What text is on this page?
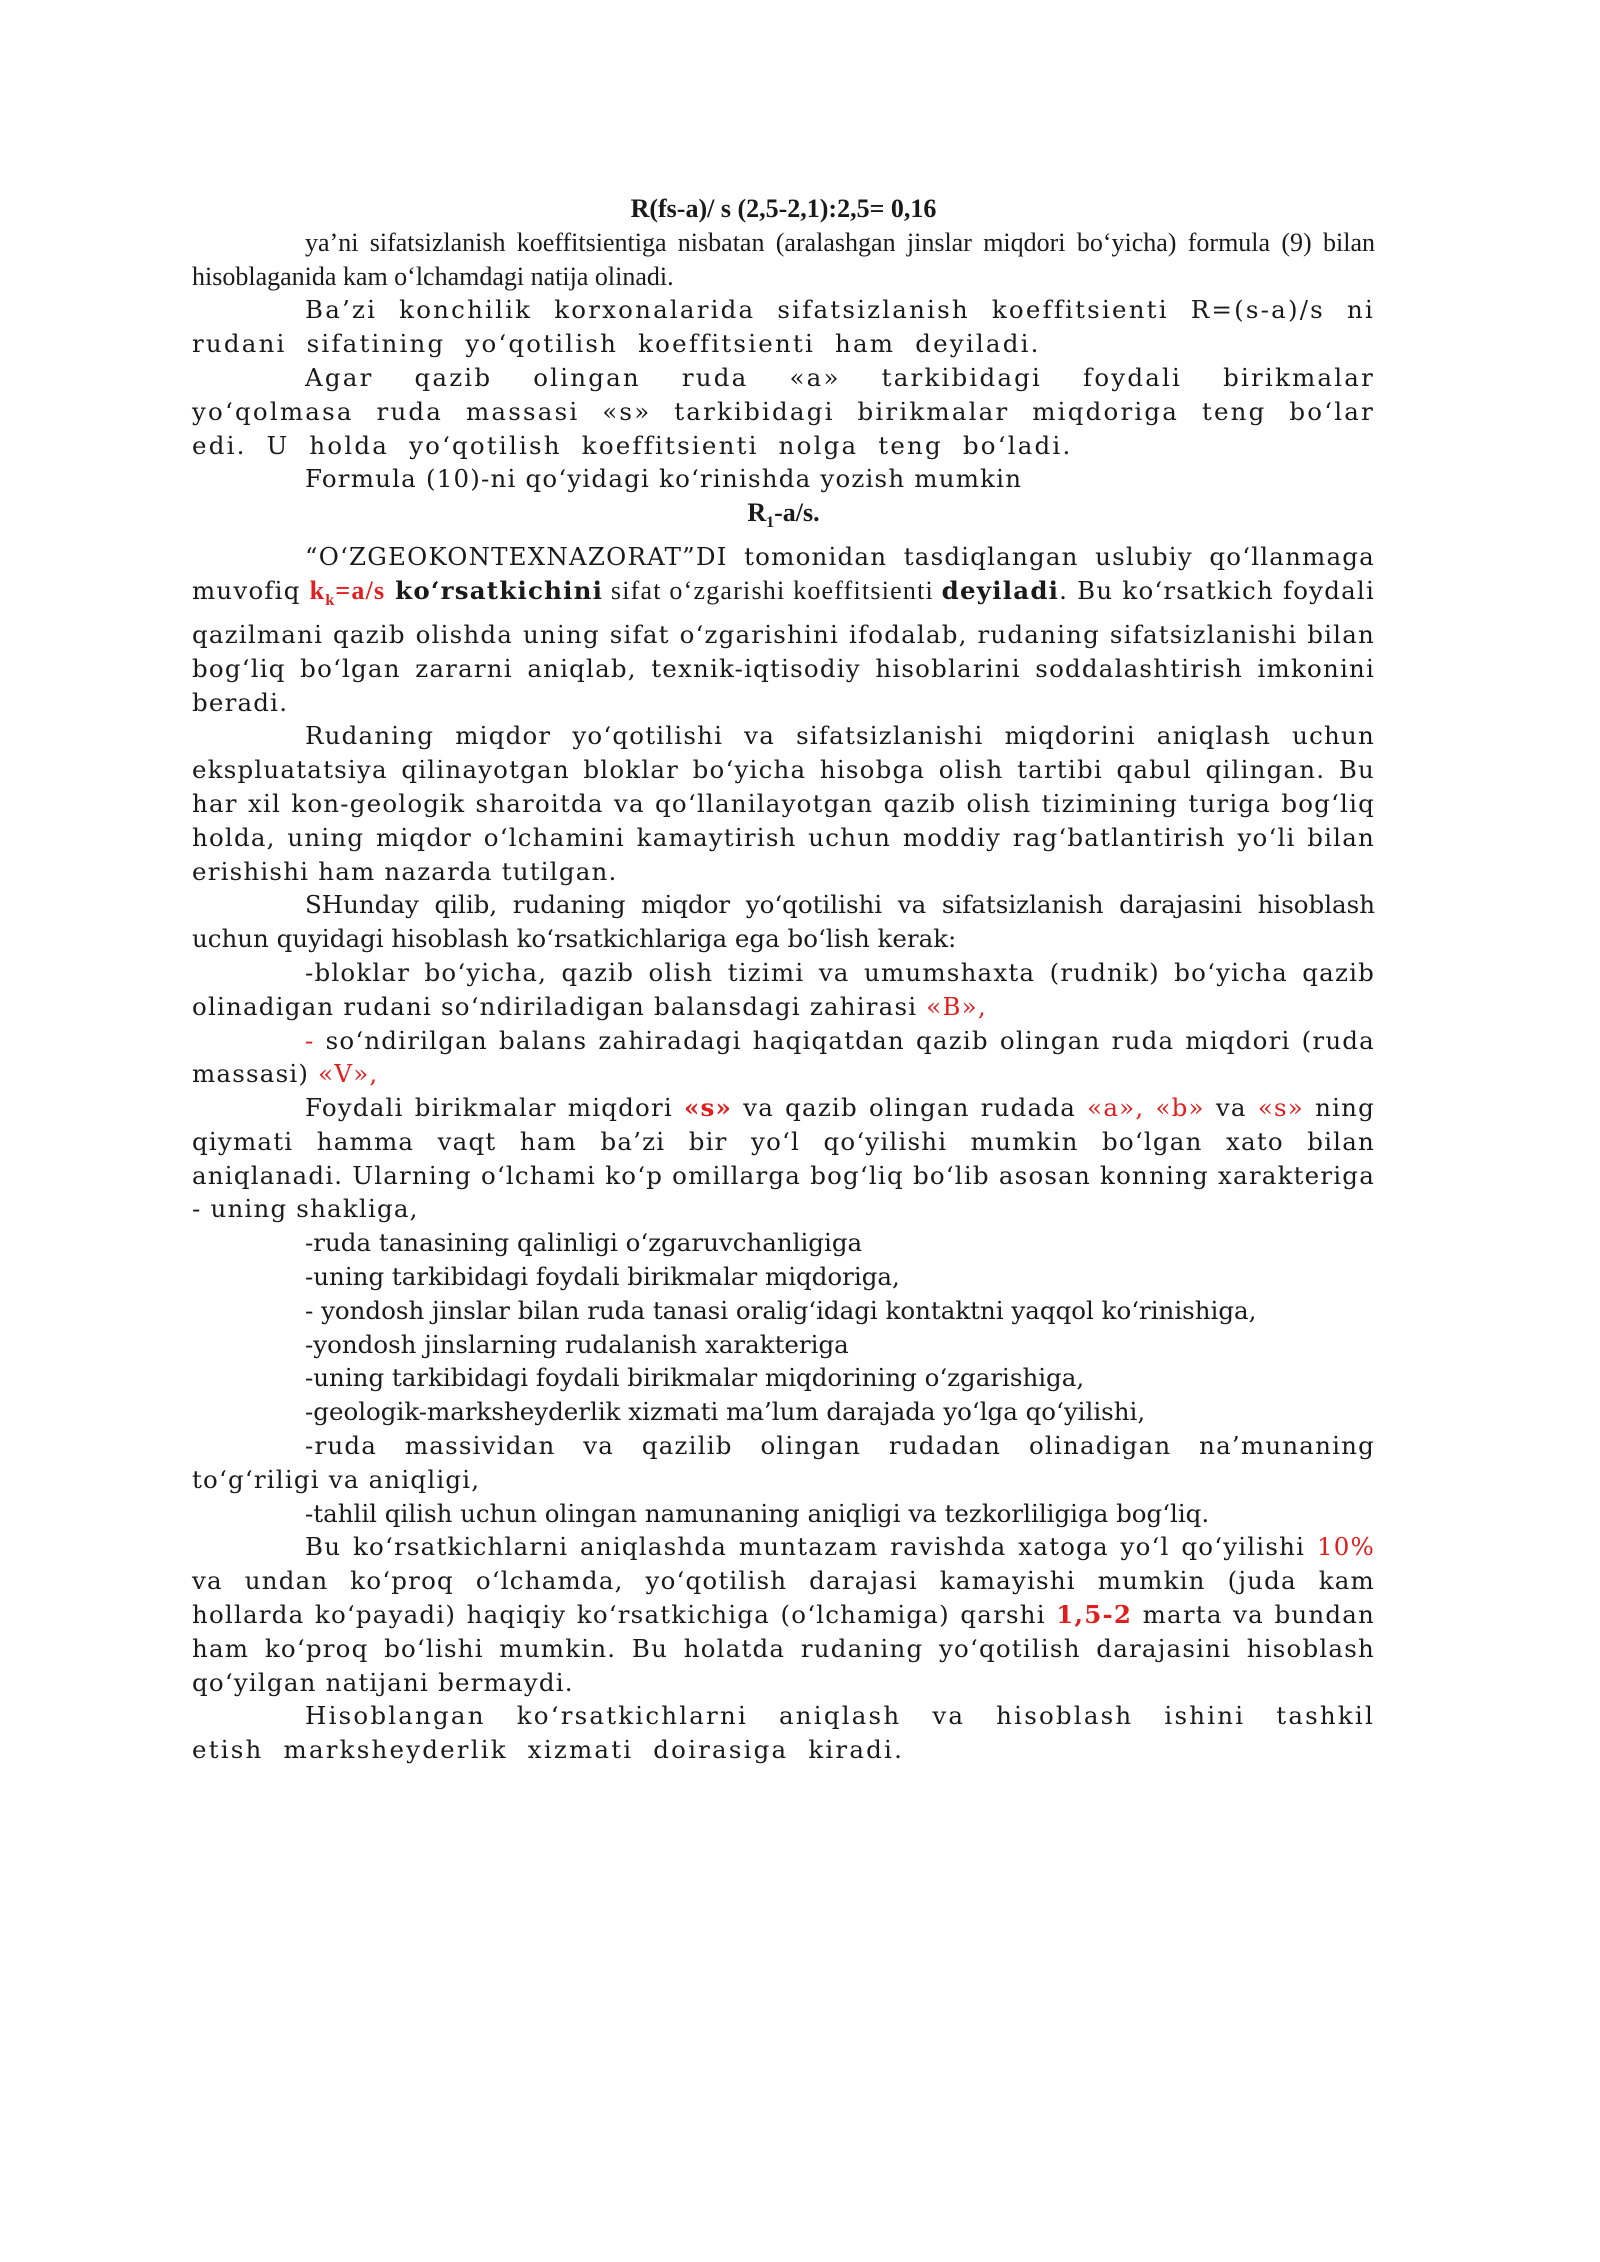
R(fs-a)/ s (2,5-2,1):2,5= 0,16
ya’ni sifatsizlanish koeffitsientiga nisbatan (aralashgan jinslar miqdori bo‘yicha) formula (9) bilan hisoblaganida kam o‘lchamdagi natija olinadi.
Ba’zi konchilik korxonalarida sifatsizlanish koeffitsienti R=(s-a)/s ni rudani sifatining yo‘qotilish koeffitsienti ham deyiladi.
Agar qazib olingan ruda «a» tarkibidagi foydali birikmalar yo‘qolmasa ruda massasi «s» tarkibidagi birikmalar miqdoriga teng bo‘lar edi. U holda yo‘qotilish koeffitsienti nolga teng bo‘ladi.
Formula (10)-ni qo‘yidagi ko‘rinishda yozish mumkin
$R_1-a/s$.
“O‘ZGEOKONTEXNAZORAT”DI tomonidan tasdiqlangan uslubiy qo‘llanmaga muvofiq $k_k=a/s$ ko‘rsatkichini sifat o‘zgarishi koeffitsienti deyiladi. Bu ko‘rsatkich foydali qazilmani qazib olishda uning sifat o‘zgarishini ifodalab, rudaning sifatsizlanishi bilan bog‘liq bo‘lgan zararni aniqlab, texnik-iqtisodiy hisoblarini soddalashtirish imkonini beradi.
Rudaning miqdor yo‘qotilishi va sifatsizlanishi miqdorini aniqlash uchun ekspluatatsiya qilinayotgan bloklar bo‘yicha hisobga olish tartibi qabul qilingan. Bu har xil kon-geologik sharoitda va qo‘llanilayotgan qazib olish tizimining turiga bog‘liq holda, uning miqdor o‘lchamini kamaytirish uchun moddiy rag‘batlantirish yo‘li bilan erishishi ham nazarda tutilgan.
SHunday qilib, rudaning miqdor yo‘qotilishi va sifatsizlanish darajasini hisoblash uchun quyidagi hisoblash ko‘rsatkichlariga ega bo‘lish kerak:
-bloklar bo‘yicha, qazib olish tizimi va umumshaxta (rudnik) bo‘yicha qazib olinadigan rudani so‘ndiriladigan balansdagi zahirasi «B»,
- so‘ndirilgan balans zahiradagi haqiqatdan qazib olingan ruda miqdori (ruda massasi) «V»,
Foydali birikmalar miqdori «s» va qazib olingan rudada «a», «b» va «s» ning qiymati hamma vaqt ham ba’zi bir yo‘l qo‘yilishi mumkin bo‘lgan xato bilan aniqlanadi. Ularning o‘lchami ko‘p omillarga bog‘liq bo‘lib asosan konning xarakteriga - uning shakliga,
-ruda tanasining qalinligi o‘zgaruvchanligiga
-uning tarkibidagi foydali birikmalar miqdoriga,
- yondosh jinslar bilan ruda tanasi oralig‘idagi kontaktni yaqqol ko‘rinishiga,
-yondosh jinslarning rudalanish xarakteriga
-uning tarkibidagi foydali birikmalar miqdorining o‘zgarishiga,
-geologik-marksheyderlik xizmati ma’lum darajada yo‘lga qo‘yilishi,
-ruda massividan va qazilib olingan rudadan olinadigan na’munaning to‘g‘riligi va aniqligi,
-tahlil qilish uchun olingan namunaning aniqligi va tezkorliligiga bog‘liq.
Bu ko‘rsatkichlarni aniqlashda muntazam ravishda xatoga yo‘l qo‘yilishi 10% va undan ko‘proq o‘lchamda, yo‘qotilish darajasi kamayishi mumkin (juda kam hollarda ko‘payadi) haqiqiy ko‘rsatkichiga (o‘lchamiga) qarshi 1,5-2 marta va bundan ham ko‘proq bo‘lishi mumkin. Bu holatda rudaning yo‘qotilish darajasini hisoblash qo‘yilgan natijani bermaydi.
Hisoblangan ko‘rsatkichlarni aniqlash va hisoblash ishini tashkil etish marksheyderlik xizmati doirasiga kiradi.
